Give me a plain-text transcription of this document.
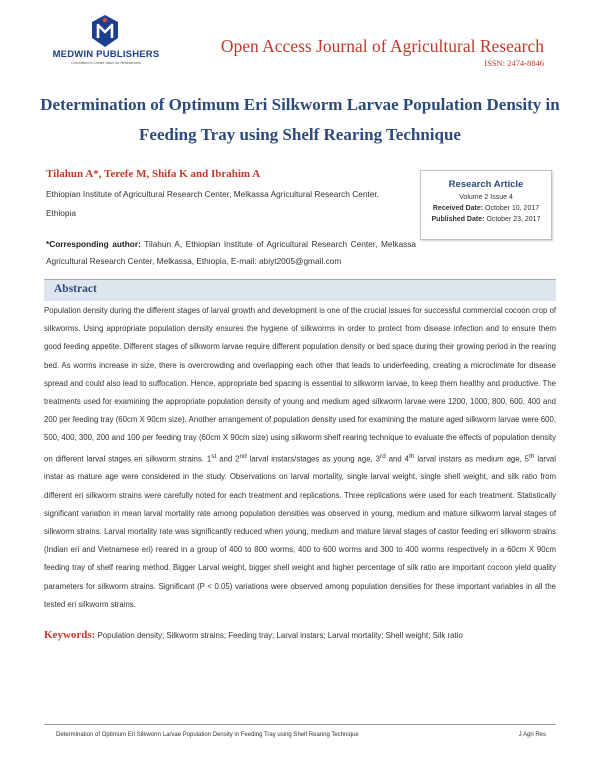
MEDWIN PUBLISHERS
Committed to Create Value for Researchers
Open Access Journal of Agricultural Research
ISSN: 2474-8846
Determination of Optimum Eri Silkworm Larvae Population Density in Feeding Tray using Shelf Rearing Technique
Tilahun A*, Terefe M, Shifa K and Ibrahim A
Ethiopian Institute of Agricultural Research Center, Melkassa Agricultural Research Center, Ethiopia
*Corresponding author: Tilahun A, Ethiopian Institute of Agricultural Research Center, Melkassa Agricultural Research Center, Melkassa, Ethiopia, E-mail: abiyt2005@gmail.com
Research Article
Volume 2 Issue 4
Received Date: October 10, 2017
Published Date: October 23, 2017
Abstract
Population density during the different stages of larval growth and development is one of the crucial issues for successful commercial cocoon crop of silkworms. Using appropriate population density ensures the hygiene of silkworms in order to protect from disease infection and to ensure them good feeding appetite. Different stages of silkworm larvae require different population density or bed space during their growing period in the rearing bed. As worms increase in size, there is overcrowding and overlapping each other that leads to underfeeding, creating a microclimate for disease spread and could also lead to suffocation. Hence, appropriate bed spacing is essential to silkworm larvae, to keep them healthy and productive. The treatments used for examining the appropriate population density of young and medium aged silkworm larvae were 1200, 1000, 800, 600, 400 and 200 per feeding tray (60cm X 90cm size). Another arrangement of population density used for examining the mature aged silkworm larvae were 600, 500, 400, 300, 200 and 100 per feeding tray (60cm X 90cm size) using silkworm shelf rearing technique to evaluate the effects of population density on different larval stages eri silkworm strains. 1st and 2nd larval instars/stages as young age, 3rd and 4th larval instars as medium age, 5th larval instar as mature age were considered in the study. Observations on larval mortality, single larval weight, single shell weight, and silk ratio from different eri silkworm strains were carefully noted for each treatment and replications. Three replications were used for each treatment. Statistically significant variation in mean larval mortality rate among population densities was observed in young, medium and mature silkworm larval stages of silkworm strains. Larval mortality rate was significantly reduced when young, medium and mature larval stages of castor feeding eri silkworm strains (Indian eri and Vietnamese eri) reared in a group of 400 to 800 worms, 400 to 600 worms and 300 to 400 worms respectively in a 60cm X 90cm feeding tray of shelf rearing method. Bigger Larval weight, bigger shell weight and higher percentage of silk ratio are important cocoon yield quality parameters for silkworm strains. Significant (P < 0.05) variations were observed among population densities for these important variables in all the tested eri silkworm strains.
Keywords: Population density; Silkworm strains; Feeding tray; Larval instars; Larval mortality; Shell weight; Silk ratio
Determination of Optimum Eri Silkworm Larvae Population Density in Feeding Tray using Shelf Rearing Technique	J Agri Res
